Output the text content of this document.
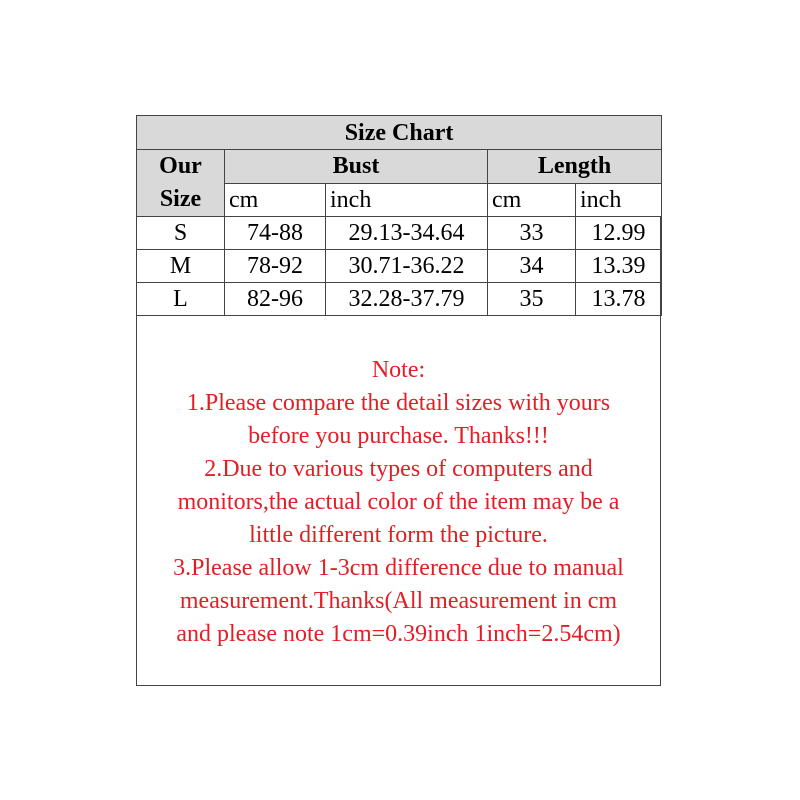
Size Chart				

Our
Size	Bust		Length	
	cm	inch	cm	inch
S	74-88	29.13-34.64	33	12.99
M	78-92	30.71-36.22	34	13.39
L	82-96	32.28-37.79	35	13.78
Note:
1.Please compare the detail sizes with yours
before you purchase. Thanks!!!
2.Due to various types of computers and
monitors,the actual color of the item may be a
little different form the picture.
3.Please allow 1-3cm difference due to manual
measurement.Thanks(All measurement in cm
and please note 1cm=0.39inch 1inch=2.54cm)
